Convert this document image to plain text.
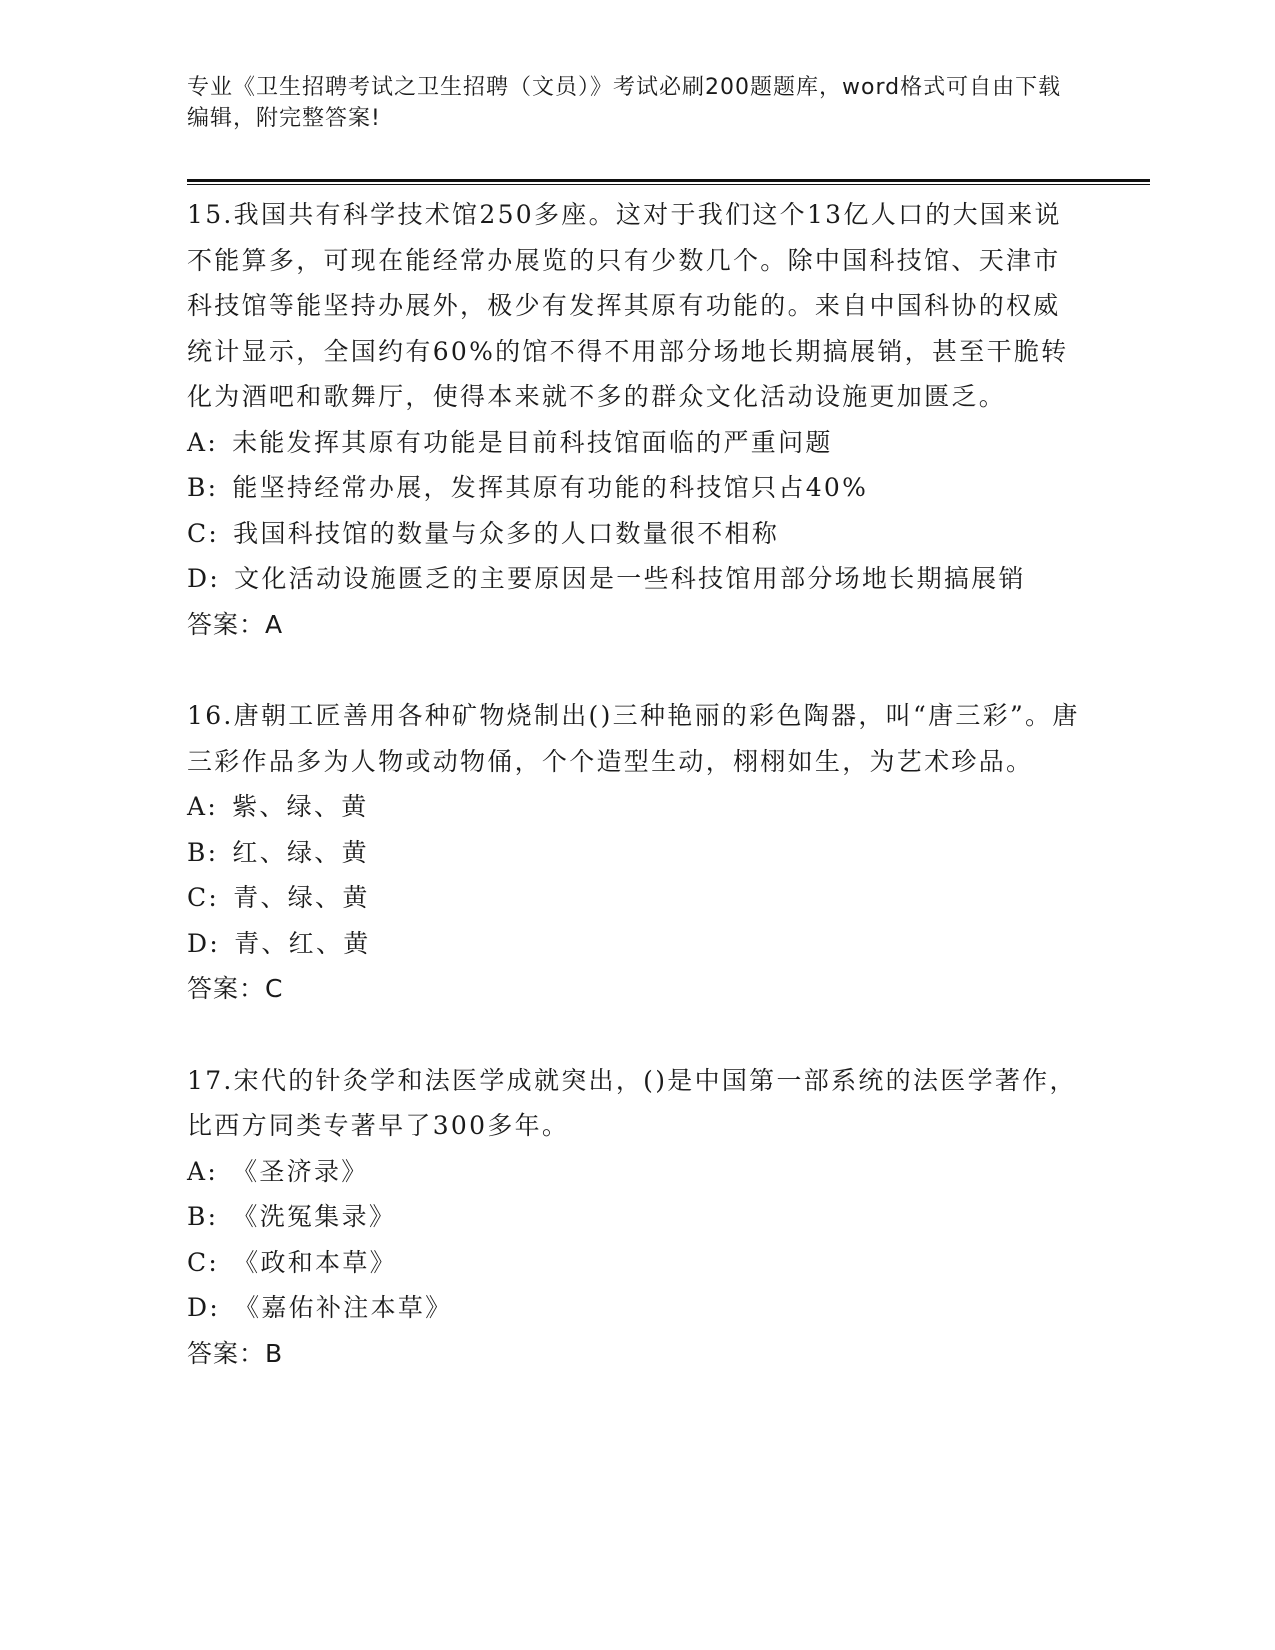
专业《卫生招聘考试之卫生招聘（文员）》考试必刷200题题库，word格式可自由下载编辑，附完整答案!

15.我国共有科学技术馆250多座。这对于我们这个13亿人口的大国来说不能算多，可现在能经常办展览的只有少数几个。除中国科技馆、天津市科技馆等能坚持办展外，极少有发挥其原有功能的。来自中国科协的权威统计显示，全国约有60%的馆不得不用部分场地长期搞展销，甚至干脆转化为酒吧和歌舞厅，使得本来就不多的群众文化活动设施更加匮乏。

A: 未能发挥其原有功能是目前科技馆面临的严重问题

B: 能坚持经常办展，发挥其原有功能的科技馆只占40%

C: 我国科技馆的数量与众多的人口数量很不相称

D: 文化活动设施匮乏的主要原因是一些科技馆用部分场地长期搞展销

答案：A

16.唐朝工匠善用各种矿物烧制出()三种艳丽的彩色陶器，叫“唐三彩”。唐三彩作品多为人物或动物俑，个个造型生动，栩栩如生，为艺术珍品。

A: 紫、绿、黄

B: 红、绿、黄

C: 青、绿、黄

D: 青、红、黄

答案：C

17.宋代的针灸学和法医学成就突出，()是中国第一部系统的法医学著作，比西方同类专著早了300多年。

A: 《圣济录》

B: 《洗冤集录》

C: 《政和本草》

D: 《嘉佑补注本草》

答案：B
